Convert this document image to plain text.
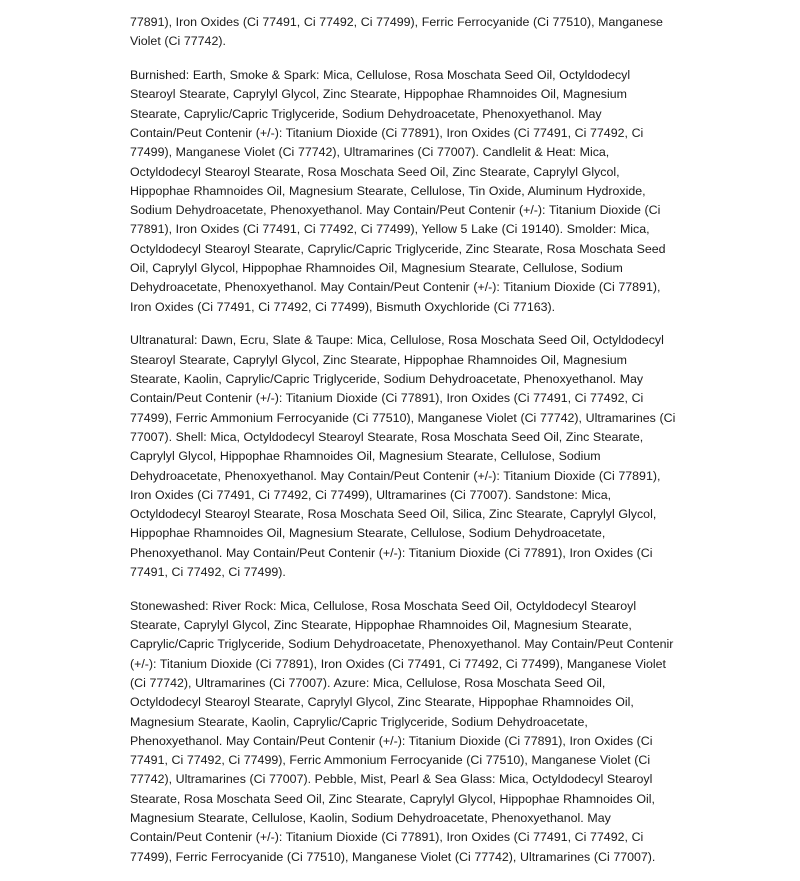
77891), Iron Oxides (Ci 77491, Ci 77492, Ci 77499), Ferric Ferrocyanide (Ci 77510), Manganese Violet (Ci 77742).

Burnished: Earth, Smoke & Spark: Mica, Cellulose, Rosa Moschata Seed Oil, Octyldodecyl Stearoyl Stearate, Caprylyl Glycol, Zinc Stearate, Hippophae Rhamnoides Oil, Magnesium Stearate, Caprylic/Capric Triglyceride, Sodium Dehydroacetate, Phenoxyethanol. May Contain/Peut Contenir (+/-): Titanium Dioxide (Ci 77891), Iron Oxides (Ci 77491, Ci 77492, Ci 77499), Manganese Violet (Ci 77742), Ultramarines (Ci 77007). Candlelit & Heat: Mica, Octyldodecyl Stearoyl Stearate, Rosa Moschata Seed Oil, Zinc Stearate, Caprylyl Glycol, Hippophae Rhamnoides Oil, Magnesium Stearate, Cellulose, Tin Oxide, Aluminum Hydroxide, Sodium Dehydroacetate, Phenoxyethanol. May Contain/Peut Contenir (+/-): Titanium Dioxide (Ci 77891), Iron Oxides (Ci 77491, Ci 77492, Ci 77499), Yellow 5 Lake (Ci 19140). Smolder: Mica, Octyldodecyl Stearoyl Stearate, Caprylic/Capric Triglyceride, Zinc Stearate, Rosa Moschata Seed Oil, Caprylyl Glycol, Hippophae Rhamnoides Oil, Magnesium Stearate, Cellulose, Sodium Dehydroacetate, Phenoxyethanol. May Contain/Peut Contenir (+/-): Titanium Dioxide (Ci 77891), Iron Oxides (Ci 77491, Ci 77492, Ci 77499), Bismuth Oxychloride (Ci 77163).

Ultranatural: Dawn, Ecru, Slate & Taupe: Mica, Cellulose, Rosa Moschata Seed Oil, Octyldodecyl Stearoyl Stearate, Caprylyl Glycol, Zinc Stearate, Hippophae Rhamnoides Oil, Magnesium Stearate, Kaolin, Caprylic/Capric Triglyceride, Sodium Dehydroacetate, Phenoxyethanol. May Contain/Peut Contenir (+/-): Titanium Dioxide (Ci 77891), Iron Oxides (Ci 77491, Ci 77492, Ci 77499), Ferric Ammonium Ferrocyanide (Ci 77510), Manganese Violet (Ci 77742), Ultramarines (Ci 77007). Shell: Mica, Octyldodecyl Stearoyl Stearate, Rosa Moschata Seed Oil, Zinc Stearate, Caprylyl Glycol, Hippophae Rhamnoides Oil, Magnesium Stearate, Cellulose, Sodium Dehydroacetate, Phenoxyethanol. May Contain/Peut Contenir (+/-): Titanium Dioxide (Ci 77891), Iron Oxides (Ci 77491, Ci 77492, Ci 77499), Ultramarines (Ci 77007). Sandstone: Mica, Octyldodecyl Stearoyl Stearate, Rosa Moschata Seed Oil, Silica, Zinc Stearate, Caprylyl Glycol, Hippophae Rhamnoides Oil, Magnesium Stearate, Cellulose, Sodium Dehydroacetate, Phenoxyethanol. May Contain/Peut Contenir (+/-): Titanium Dioxide (Ci 77891), Iron Oxides (Ci 77491, Ci 77492, Ci 77499).

Stonewashed: River Rock: Mica, Cellulose, Rosa Moschata Seed Oil, Octyldodecyl Stearoyl Stearate, Caprylyl Glycol, Zinc Stearate, Hippophae Rhamnoides Oil, Magnesium Stearate, Caprylic/Capric Triglyceride, Sodium Dehydroacetate, Phenoxyethanol. May Contain/Peut Contenir (+/-): Titanium Dioxide (Ci 77891), Iron Oxides (Ci 77491, Ci 77492, Ci 77499), Manganese Violet (Ci 77742), Ultramarines (Ci 77007). Azure: Mica, Cellulose, Rosa Moschata Seed Oil, Octyldodecyl Stearoyl Stearate, Caprylyl Glycol, Zinc Stearate, Hippophae Rhamnoides Oil, Magnesium Stearate, Kaolin, Caprylic/Capric Triglyceride, Sodium Dehydroacetate, Phenoxyethanol. May Contain/Peut Contenir (+/-): Titanium Dioxide (Ci 77891), Iron Oxides (Ci 77491, Ci 77492, Ci 77499), Ferric Ammonium Ferrocyanide (Ci 77510), Manganese Violet (Ci 77742), Ultramarines (Ci 77007). Pebble, Mist, Pearl & Sea Glass: Mica, Octyldodecyl Stearoyl Stearate, Rosa Moschata Seed Oil, Zinc Stearate, Caprylyl Glycol, Hippophae Rhamnoides Oil, Magnesium Stearate, Cellulose, Kaolin, Sodium Dehydroacetate, Phenoxyethanol. May Contain/Peut Contenir (+/-): Titanium Dioxide (Ci 77891), Iron Oxides (Ci 77491, Ci 77492, Ci 77499), Ferric Ferrocyanide (Ci 77510), Manganese Violet (Ci 77742), Ultramarines (Ci 77007).
